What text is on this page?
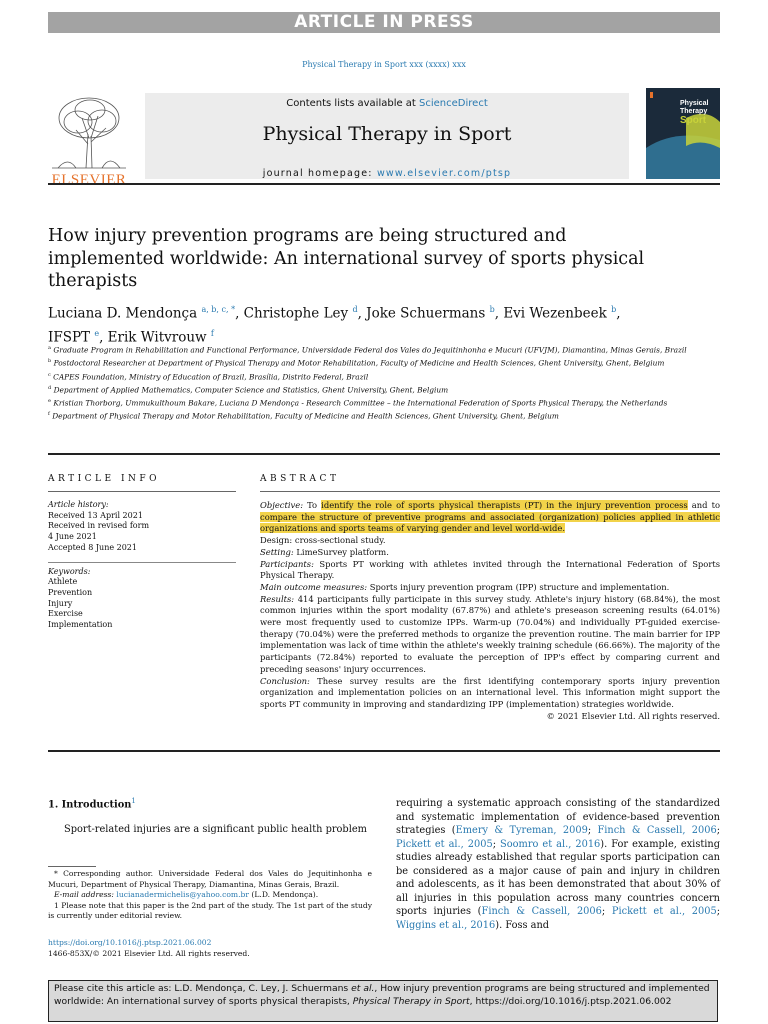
ARTICLE IN PRESS
Physical Therapy in Sport xxx (xxxx) xxx
ELSEVIER
Contents lists available at ScienceDirect
Physical Therapy in Sport
journal homepage: www.elsevier.com/ptsp
Physical
Therapy
Sport
How injury prevention programs are being structured and implemented worldwide: An international survey of sports physical therapists
Luciana D. Mendonça $^{a, b, c, *}$, Christophe Ley $^d$, Joke Schuermans $^b$, Evi Wezenbeek $^b$,
IFSPT $^e$, Erik Witvrouw $^f$
$^a$ Graduate Program in Rehabilitation and Functional Performance, Universidade Federal dos Vales do Jequitinhonha e Mucuri (UFVJM), Diamantina, Minas Gerais, Brazil
$^b$ Postdoctoral Researcher at Department of Physical Therapy and Motor Rehabilitation, Faculty of Medicine and Health Sciences, Ghent University, Ghent, Belgium
$^c$ CAPES Foundation, Ministry of Education of Brazil, Brasília, Distrito Federal, Brazil
$^d$ Department of Applied Mathematics, Computer Science and Statistics, Ghent University, Ghent, Belgium
$^e$ Kristian Thorborg, Ummukulthoum Bakare, Luciana D Mendonça - Research Committee – the International Federation of Sports Physical Therapy, the Netherlands
$^f$ Department of Physical Therapy and Motor Rehabilitation, Faculty of Medicine and Health Sciences, Ghent University, Ghent, Belgium
ARTICLE INFO	ABSTRACT
Article history:
Received 13 April 2021
Received in revised form
4 June 2021
Accepted 8 June 2021
Keywords:
Athlete
Prevention
Injury
Exercise
Implementation

Objective: To identify the role of sports physical therapists (PT) in the injury prevention process and to compare the structure of preventive programs and associated (organization) policies applied in athletic organizations and sports teams of varying gender and level world-wide.

Design: cross-sectional study.

Setting: LimeSurvey platform.

Participants: Sports PT working with athletes invited through the International Federation of Sports Physical Therapy.

Main outcome measures: Sports injury prevention program (IPP) structure and implementation.

Results: 414 participants fully participate in this survey study. Athlete's injury history (68.84%), the most common injuries within the sport modality (67.87%) and athlete's preseason screening results (64.01%) were most frequently used to customize IPPs. Warm-up (70.04%) and individually PT-guided exercise-therapy (70.04%) were the preferred methods to organize the prevention routine. The main barrier for IPP implementation was lack of time within the athlete's weekly training schedule (66.66%). The majority of the participants (72.84%) reported to evaluate the perception of IPP's effect by comparing current and preceding seasons' injury occurrences.

Conclusion: These survey results are the first identifying contemporary sports injury prevention organization and implementation policies on an international level. This information might support the sports PT community in improving and standardizing IPP (implementation) strategies worldwide.

© 2021 Elsevier Ltd. All rights reserved.

1. Introduction$^1$
Sport-related injuries are a significant public health problem
requiring a systematic approach consisting of the standardized and systematic implementation of evidence-based prevention strategies (Emery & Tyreman, 2009; Finch & Cassell, 2006; Pickett et al., 2005; Soomro et al., 2016). For example, existing studies already established that regular sports participation can be considered as a major cause of pain and injury in children and adolescents, as it has been demonstrated that about 30% of all injuries in this population across many countries concern sports injuries (Finch & Cassell, 2006; Pickett et al., 2005; Wiggins et al., 2016). Foss and

* Corresponding author. Universidade Federal dos Vales do Jequitinhonha e Mucuri, Department of Physical Therapy, Diamantina, Minas Gerais, Brazil.

E-mail address: lucianadermichelis@yahoo.com.br (L.D. Mendonça).

1 Please note that this paper is the 2nd part of the study. The 1st part of the study is currently under editorial review.

https://doi.org/10.1016/j.ptsp.2021.06.002
1466-853X/© 2021 Elsevier Ltd. All rights reserved.
Please cite this article as: L.D. Mendonça, C. Ley, J. Schuermans et al., How injury prevention programs are being structured and implemented worldwide: An international survey of sports physical therapists, Physical Therapy in Sport, https://doi.org/10.1016/j.ptsp.2021.06.002
